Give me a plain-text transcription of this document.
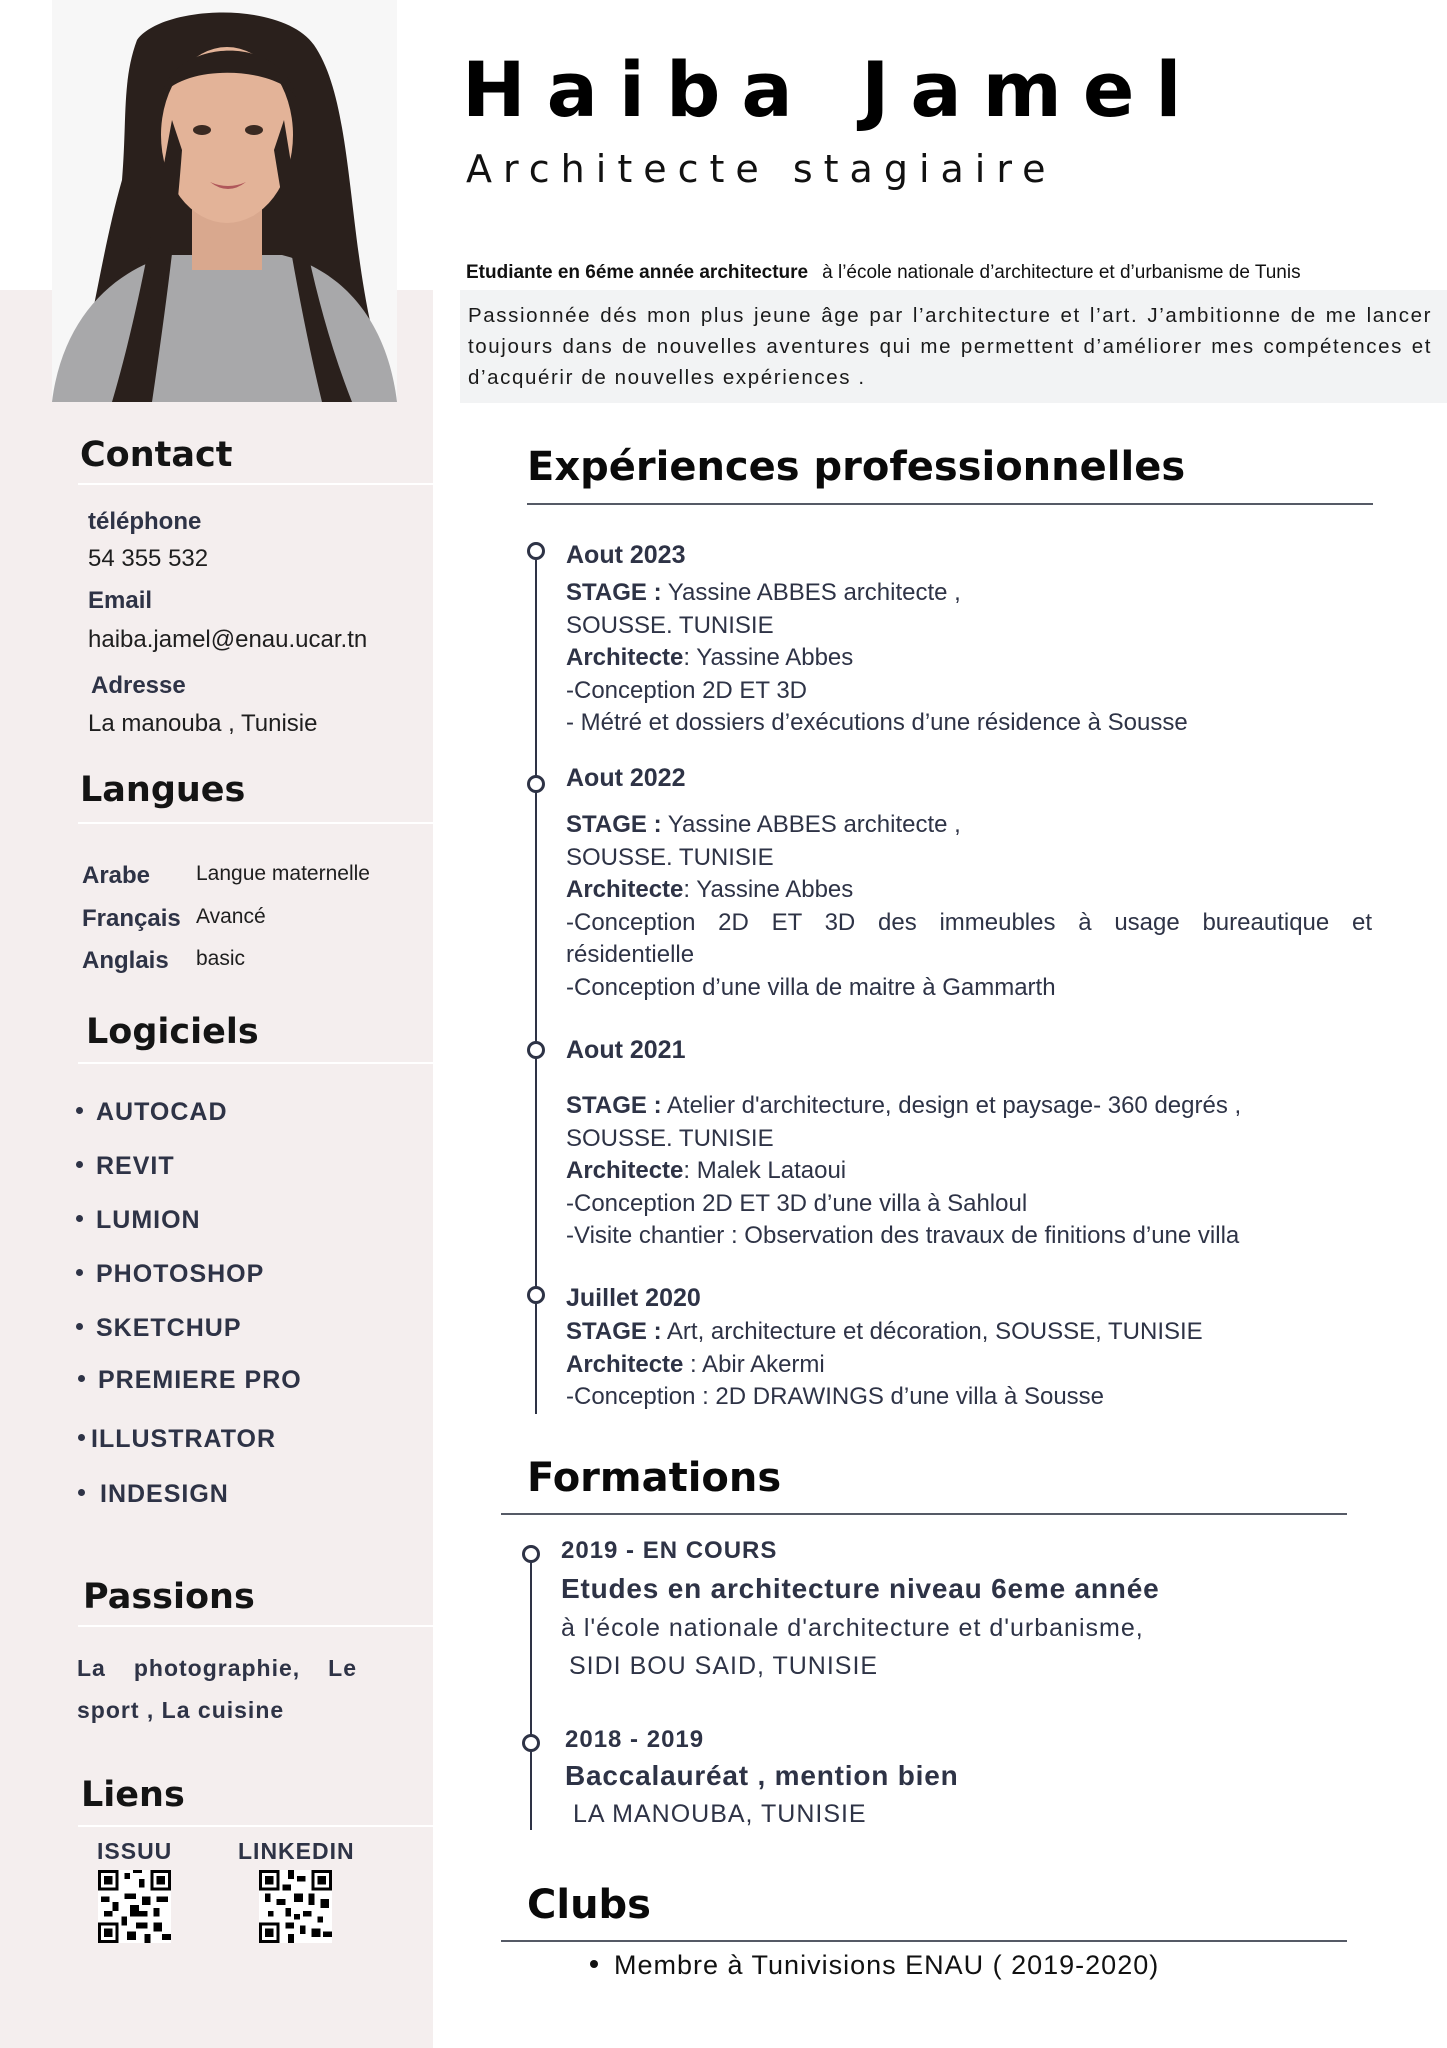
Haiba Jamel
Architecte stagiaire
Etudiante en 6éme année architecture à l’école nationale d’architecture et d’urbanisme de Tunis
Passionnée dés mon plus jeune âge par l’architecture et l’art. J’ambitionne de me lancer toujours dans de nouvelles aventures qui me permettent d’améliorer mes compétences et d’acquérir de nouvelles expériences .
Contact
téléphone
54 355 532
Email
haiba.jamel@enau.ucar.tn
Adresse
La manouba , Tunisie
Langues
Arabe Langue maternelle
Français Avancé
Anglais basic
Logiciels
AUTOCAD
REVIT
LUMION
PHOTOSHOP
SKETCHUP
PREMIERE PRO
ILLUSTRATOR
INDESIGN
Passions
La photographie, Le sport , La cuisine
Liens
ISSUU	LINKEDIN
Expériences professionnelles
Aout 2023

STAGE : Yassine ABBES architecte ,

SOUSSE. TUNISIE

Architecte: Yassine Abbes

-Conception 2D ET 3D

- Métré et dossiers d’exécutions d’une résidence à Sousse

Aout 2022

STAGE : Yassine ABBES architecte ,

SOUSSE. TUNISIE

Architecte: Yassine Abbes

-Conception 2D ET 3D des immeubles à usage bureautique et

résidentielle

-Conception d’une villa de maitre à Gammarth

Aout 2021

STAGE : Atelier d'architecture, design et paysage- 360 degrés ,

SOUSSE. TUNISIE

Architecte: Malek Lataoui

-Conception 2D ET 3D d’une villa à Sahloul

-Visite chantier : Observation des travaux de finitions d’une villa

Juillet 2020

STAGE : Art, architecture et décoration, SOUSSE, TUNISIE

Architecte : Abir Akermi

-Conception : 2D DRAWINGS d’une villa à Sousse

Formations
2019 - EN COURS
Etudes en architecture niveau 6eme année
à l'école nationale d'architecture et d'urbanisme,
SIDI BOU SAID, TUNISIE
2018 - 2019
Baccalauréat , mention bien
LA MANOUBA, TUNISIE
Clubs
Membre à Tunivisions ENAU ( 2019-2020)
